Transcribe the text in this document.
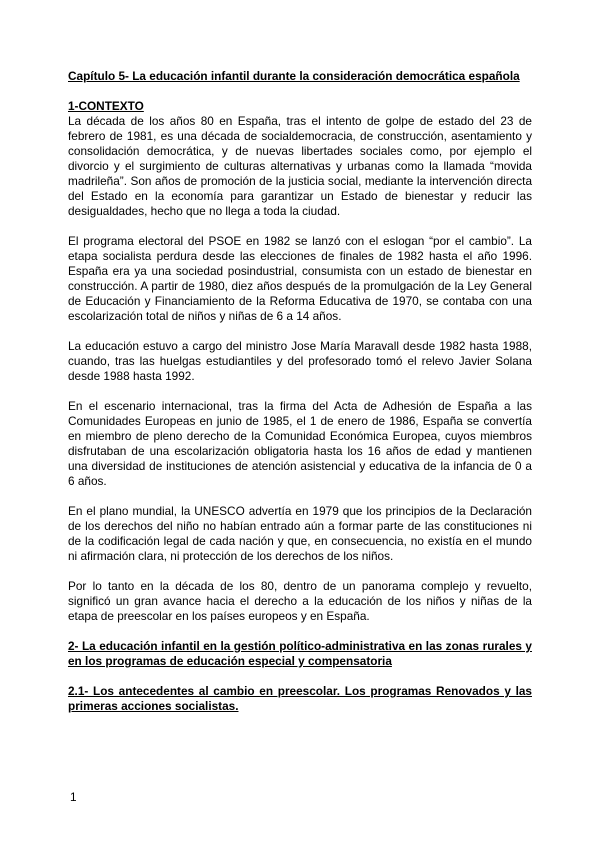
Capítulo 5- La educación infantil durante la consideración democrática española
1-CONTEXTO

La década de los años 80 en España, tras el intento de golpe de estado del 23 de febrero de 1981, es una década de socialdemocracia, de construcción, asentamiento y consolidación democrática, y de nuevas libertades sociales como, por ejemplo el divorcio y el surgimiento de culturas alternativas y urbanas como la llamada “movida madrileña”. Son años de promoción de la justicia social, mediante la intervención directa del Estado en la economía para garantizar un Estado de bienestar y reducir las desigualdades, hecho que no llega a toda la ciudad.

El programa electoral del PSOE en 1982 se lanzó con el eslogan “por el cambio”. La etapa socialista perdura desde las elecciones de finales de 1982 hasta el año 1996. España era ya una sociedad posindustrial, consumista con un estado de bienestar en construcción. A partir de 1980, diez años después de la promulgación de la Ley General de Educación y Financiamiento de la Reforma Educativa de 1970, se contaba con una escolarización total de niños y niñas de 6 a 14 años.

La educación estuvo a cargo del ministro Jose María Maravall desde 1982 hasta 1988, cuando, tras las huelgas estudiantiles y del profesorado tomó el relevo Javier Solana desde 1988 hasta 1992.

En el escenario internacional, tras la firma del Acta de Adhesión de España a las Comunidades Europeas en junio de 1985, el 1 de enero de 1986, España se convertía en miembro de pleno derecho de la Comunidad Económica Europea, cuyos miembros disfrutaban de una escolarización obligatoria hasta los 16 años de edad y mantienen una diversidad de instituciones de atención asistencial y educativa de la infancia de 0 a 6 años.

En el plano mundial, la UNESCO advertía en 1979 que los principios de la Declaración de los derechos del niño no habían entrado aún a formar parte de las constituciones ni de la codificación legal de cada nación y que, en consecuencia, no existía en el mundo ni afirmación clara, ni protección de los derechos de los niños.

Por lo tanto en la década de los 80, dentro de un panorama complejo y revuelto, significó un gran avance hacia el derecho a la educación de los niños y niñas de la etapa de preescolar en los países europeos y en España.

2- La educación infantil en la gestión político-administrativa en las zonas rurales y en los programas de educación especial y compensatoria
2.1- Los antecedentes al cambio en preescolar. Los programas Renovados y las primeras acciones socialistas.
1
